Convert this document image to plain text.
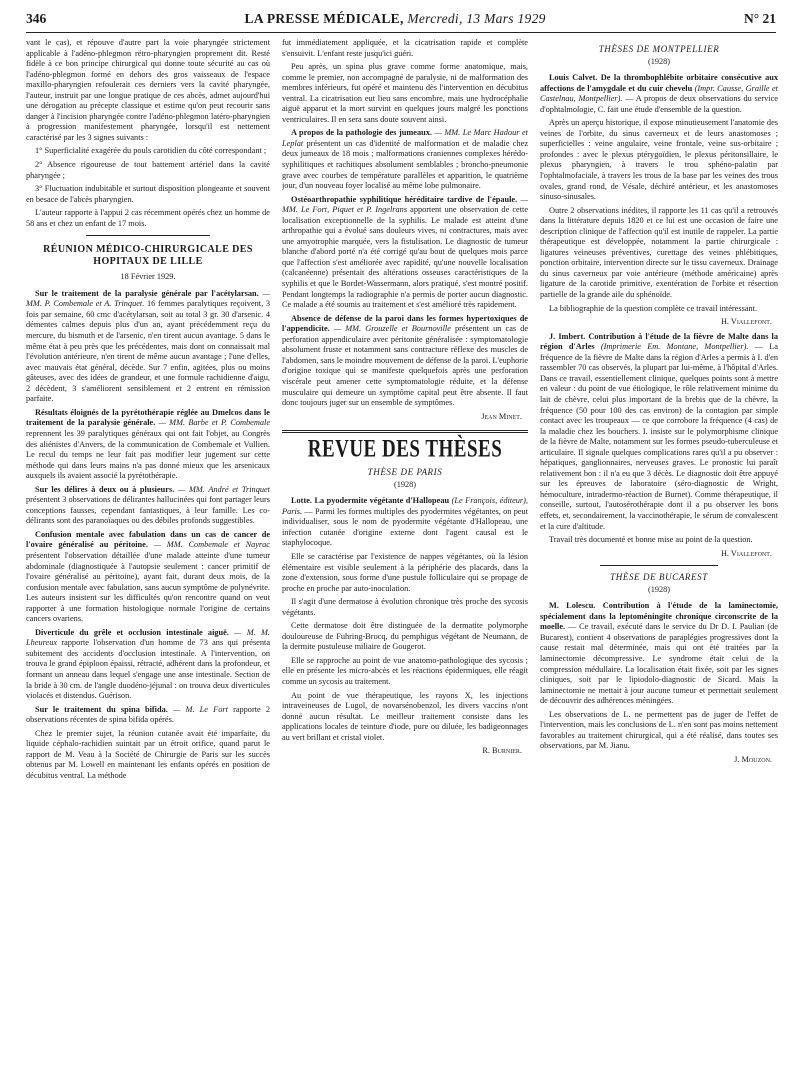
346	LA PRESSE MÉDICALE, Mercredi, 13 Mars 1929	N° 21

vant le cas), et répouve d'autre part la voie pharyngée strictement applicable à l'adéno-phlegmon rétro-pharyngien proprement dit. Resté fidèle à ce bon principe chirurgical qui donne toute sécurité au cas où l'adéno-phlegmon formé en dehors des gros vaisseaux de l'espace maxillo-pharyngien refoulerait ces derniers vers la cavité pharyngée, l'auteur, instruit par une longue pratique de ces abcès, admet aujourd'hui une dérogation au précepte classique et estime qu'on peut recourir sans danger à l'incision pharyngée contre l'adéno-phlegmon latéro-pharyngien à progression manifestement pharyngée, lorsqu'il est nettement caractérisé par les 3 signes suivants :

1° Superficialité exagérée du pouls carotidien du côté correspondant ;

2° Absence rigoureuse de tout battement artériel dans la cavité pharyngée ;

3° Fluctuation indubitable et surtout disposition plongeante et souvent en besace de l'abcès pharyngien.

L'auteur rapporte à l'appui 2 cas récemment opérés chez un homme de 58 ans et chez un enfant de 17 mois.

RÉUNION MÉDICO-CHIRURGICALE DES HOPITAUX DE LILLE
18 Février 1929.

Sur le traitement de la paralysie générale par l'acétylarsan. — MM. P. Combemale et A. Trinquet. 16 femmes paralytiques reçoivent, 3 fois par semaine, 60 cmc d'acétylarsan, soit au total 3 gr. 30 d'arsenic. 4 démentes calmes depuis plus d'un an, ayant précédemment reçu du mercure, du bismuth et de l'arsenic, n'en tirent aucun avantage. 5 dans le même état à peu près que les précédentes, mais dont on connaissait mal l'évolution antérieure, n'en tirent de même aucun avantage ; l'une d'elles, avec mauvais état général, décède. Sur 7 enfin, agitées, plus ou moins gâteuses, avec des idées de grandeur, et une formule rachidienne d'aigu, 2 décèdent, 3 s'améliorent sensiblement et 2 entrent en rémission parfaite.

Résultats éloignés de la pyrétothérapie réglée au Dmelcos dans le traitement de la paralysie générale. — MM. Barbe et P. Combemale reprennent les 39 paralytiques généraux qui ont fait l'objet, au Congrès des aliénistes d'Anvers, de la communication de Combemale et Vullien. Le recul du temps ne leur fait pas modifier leur jugement sur cette méthode qui dans leurs mains n'a pas donné mieux que les arsenicaux auxquels ils avaient associé la pyrétothérapie.

Sur les délires à deux ou à plusieurs. — MM. André et Trinquet présentent 3 observations de délirantes hallucinées qui font partager leurs conceptions fausses, cependant fantastiques, à leur famille. Les co-délirants sont des paranoïaques ou des débiles profonds suggestibles.

Confusion mentale avec fabulation dans un cas de cancer de l'ovaire généralisé au péritoine. — MM. Combemale et Nayrac présentent l'observation détaillée d'une malade atteinte d'une tumeur abdominale (diagnostiquée à l'autopsie seulement : cancer primitif de l'ovaire généralisé au péritoine), ayant fait, durant deux mois, de la confusion mentale avec fabulation, sans aucun symptôme de polynévrite. Les auteurs insistent sur les difficultés qu'on rencontre quand on veut rapporter à une formation histologique normale l'origine de certains cancers ovariens.

Diverticule du grêle et occlusion intestinale aiguë. — M. M. Lheureux rapporte l'observation d'un homme de 73 ans qui présenta subitement des accidents d'occlusion intestinale. A l'intervention, on trouva le grand épiploon épaissi, rétracté, adhérent dans la profondeur, et formant un anneau dans lequel s'engage une anse intestinale. Section de la bride à 30 cm. de l'angle duodéno-jéjunal : on trouva deux diverticules violacés et distendus. Guérison.

Sur le traitement du spina bifida. — M. Le Fort rapporte 2 observations récentes de spina bifida opérés.

Chez le premier sujet, la réunion cutanée avait été imparfaite, du liquide céphalo-rachidien suintait par un étroit orifice, quand parut le rapport de M. Veau à la Société de Chirurgie de Paris sur les succès obtenus par M. Lowell en maintenant les enfants opérés en position de décubitus ventral. La méthode

fut immédiatement appliquée, et la cicatrisation rapide et complète s'ensuivit. L'enfant reste jusqu'ici guéri.

Peu après, un spina plus grave comme forme anatomique, mais, comme le premier, non accompagné de paralysie, ni de malformation des membres inférieurs, fut opéré et maintenu dès l'intervention en décubitus ventral. La cicatrisation eut lieu sans encombre, mais une hydrocéphalie aiguë apparut et la mort survint en quelques jours malgré les ponctions ventriculaires. Il en sera sans doute souvent ainsi.

A propos de la pathologie des jumeaux. — MM. Le Marc Hadour et Leplat présentent un cas d'identité de malformation et de maladie chez deux jumeaux de 18 mois ; malformations craniennes complexes hérédo-syphilitiques et rachitiques absolument semblables ; broncho-pneumonie grave avec courbes de température parallèles et apparition, le quatrième jour, d'un nouveau foyer localisé au même lobe pulmonaire.

Ostéoarthropathie syphilitique héréditaire tardive de l'épaule. — MM. Le Fort, Piquet et P. Ingelrans apportent une observation de cette localisation exceptionnelle de la syphilis. Le malade est atteint d'une arthropathie qui a évolué sans douleurs vives, ni contractures, mais avec une amyotrophie marquée, vers la fistulisation. Le diagnostic de tumeur blanche d'abord porté n'a été corrigé qu'au bout de quelques mois parce que l'affection s'est améliorée avec rapidité, qu'une nouvelle localisation (calcanéenne) présentait des altérations osseuses caractéristiques de la syphilis et que le Bordet-Wassermann, alors pratiqué, s'est montré positif. Pendant longtemps la radiographie n'a permis de porter aucun diagnostic. Ce malade a été soumis au traitement et s'est amélioré très rapidement.

Absence de défense de la paroi dans les formes hypertoxiques de l'appendicite. — MM. Grouzelle et Bournoville présentent un cas de perforation appendiculaire avec péritonite généralisée : symptomatologie absolument fruste et notamment sans contracture réflexe des muscles de l'abdomen, sans le moindre mouvement de défense de la paroi. L'euphorie d'origine toxique qui se manifeste quelquefois après une perforation viscérale peut amener cette symptomatologie réduite, et la défense musculaire qui demeure un symptôme capital peut être absente. Il faut donc toujours juger sur un ensemble de symptômes.

Jean Minet.

REVUE DES THÈSES
THÈSE DE PARIS
(1928)

Lotte. La pyodermite végétante d'Hallopeau (Le François, éditeur), Paris. — Parmi les formes multiples des pyodermites végétantes, on peut individualiser, sous le nom de pyodermite végétante d'Hallopeau, une infection cutanée d'origine externe dont l'agent causal est le staphylocoque.

Elle se caractérise par l'existence de nappes végétantes, où la lésion élémentaire est visible seulement à la périphérie des placards, dans la zone d'extension, sous forme d'une pustule folliculaire qui se propage de proche en proche par auto-inoculation.

Il s'agit d'une dermatose à évolution chronique très proche des sycosis végétants.

Cette dermatose doit être distinguée de la dermatite polymorphe douloureuse de Fuhring-Brocq, du pemphigus végétant de Neumann, de la dermite pustuleuse miliaire de Gougerot.

Elle se rapproche au point de vue anatomo-pathologique des sycosis ; elle en présente les micro-abcès et les réactions épidermiques, elle réagit comme un sycosis au traitement.

Au point de vue thérapeutique, les rayons X, les injections intraveineuses de Lugol, de novarsénobenzol, les divers vaccins n'ont donné aucun résultat. Le meilleur traitement consiste dans les applications locales de teinture d'iode, pure ou diluée, les badigeonnages au vert brillant et cristal violet.

R. Burnier.

THÈSES DE MONTPELLIER
(1928)

Louis Calvet. De la thrombophlébite orbitaire consécutive aux affections de l'amygdale et du cuir chevelu (Impr. Causse, Graille et Castelnau, Montpellier). — A propos de deux observations du service d'ophtalmologie, C. fait une étude d'ensemble de la question.

Après un aperçu historique, il expose minutieusement l'anatomie des veines de l'orbite, du sinus caverneux et de leurs anastomoses ; superficielles : veine angulaire, veine frontale, veine sus-orbitaire ; profondes : avec le plexus ptérygoïdien, le plexus péritonsillaire, le plexus pharyngien, à travers le trou sphéno-palatin par l'ophtalmofaciale, à travers les trous de la base par les veines des trous ovales, grand rond, de Vésale, déchiré antérieur, et les anastomoses sinuso-sinusales.

Outre 2 observations inédites, il rapporte les 11 cas qu'il a retrouvés dans la littérature depuis 1820 et ce lui est une occasion de faire une description clinique de l'affection qu'il est inutile de rappeler. La partie thérapeutique est développée, notamment la partie chirurgicale : ligatures veineuses préventives, curettage des veines phlébitiques, ponction orbitaire, intervention directe sur le tissu caverneux. Drainage du sinus caverneux par voie antérieure (méthode américaine) après ligature de la carotide primitive, exentération de l'orbite et résection partielle de la grande aile du sphénoïde.

La bibliographie de la question complète ce travail intéressant.

H. Viallefont.

J. Imbert. Contribution à l'étude de la fièvre de Malte dans la région d'Arles (Imprimerie Em. Montane, Montpellier). — La fréquence de la fièvre de Malte dans la région d'Arles a permis à I. d'en rassembler 70 cas observés, la plupart par lui-même, à l'hôpital d'Arles. Dans ce travail, essentiellement clinique, quelques points sont à mettre en valeur : du point de vue étiologique, le rôle relativement minime du lait de chèvre, celui plus important de la brebis que de la chèvre, la fréquence (50 pour 100 des cas environ) de la contagion par simple contact avec les troupeaux — ce que corrobore la fréquence (4 cas) de la maladie chez les bouchers. I. insiste sur le polymorphisme clinique de la fièvre de Malte, notamment sur les formes pseudo-tuberculeuse et articulaire. Il signale quelques complications rares qu'il a pu observer : hépatiques, ganglionnaires, nerveuses graves. Le pronostic lui paraît relativement bon : il n'a eu que 3 décès. Le diagnostic doit être appuyé sur les épreuves de laboratoire (séro-diagnostic de Wright, hémoculture, intradermo-réaction de Burnet). Comme thérapeutique, il conseille, surtout, l'autosérothérapie dont il a pu observer les bons effets, et, secondairement, la vaccinothérapie, le sérum de convalescent et la cure d'altitude.

Travail très documenté et bonne mise au point de la question.

H. Viallefont.

THÈSE DE BUCAREST
(1928)

M. Lolescu. Contribution à l'étude de la laminectomie, spécialement dans la leptoméningite chronique circonscrite de la moelle. — Ce travail, exécuté dans le service du Dr D. I. Paulian (de Bucarest), contient 4 observations de paraplégies progressives dont la cause restait mal déterminée, mais qui ont été traitées par la laminectomie décompressive. Le syndrome était celui de la compression médullaire. La localisation était fixée, soit par les signes cliniques, soit par le lipiodolo-diagnostic de Sicard. Mais la laminectomie ne mettait à jour aucune tumeur et permettait seulement de découvrir des adhérences méningées.

Les observations de L. ne permettent pas de juger de l'effet de l'intervention, mais les conclusions de L. n'en sont pas moins nettement favorables au traitement chirurgical, qui a été réalisé, dans toutes ses observations, par M. Jianu.

J. Mouzon.
